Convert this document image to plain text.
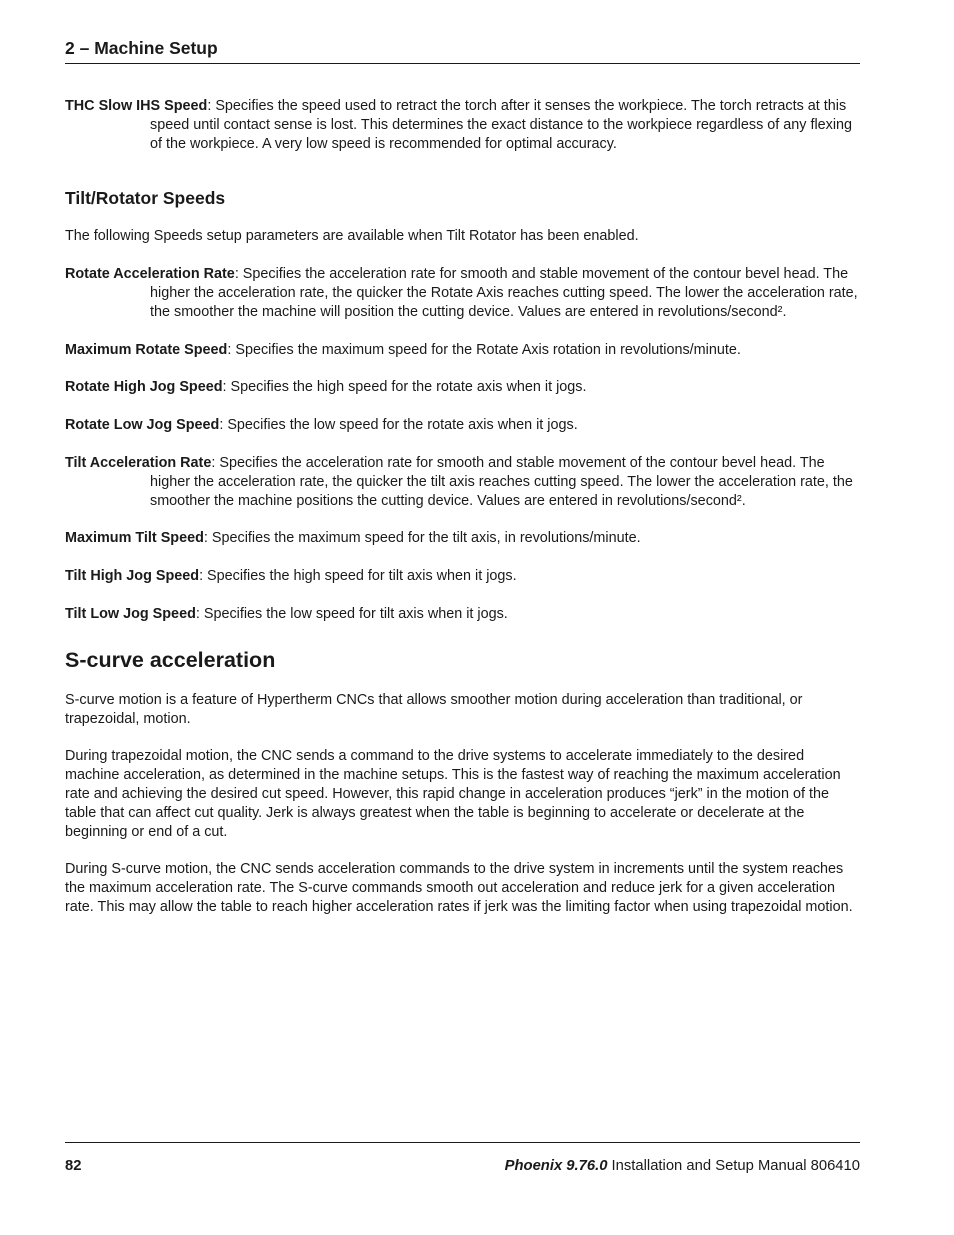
2 – Machine Setup

THC Slow IHS Speed: Specifies the speed used to retract the torch after it senses the workpiece. The torch retracts at this speed until contact sense is lost. This determines the exact distance to the workpiece regardless of any flexing of the workpiece. A very low speed is recommended for optimal accuracy.

Tilt/Rotator Speeds

The following Speeds setup parameters are available when Tilt Rotator has been enabled.

Rotate Acceleration Rate: Specifies the acceleration rate for smooth and stable movement of the contour bevel head. The higher the acceleration rate, the quicker the Rotate Axis reaches cutting speed. The lower the acceleration rate, the smoother the machine will position the cutting device. Values are entered in revolutions/second².

Maximum Rotate Speed: Specifies the maximum speed for the Rotate Axis rotation in revolutions/minute.

Rotate High Jog Speed: Specifies the high speed for the rotate axis when it jogs.

Rotate Low Jog Speed: Specifies the low speed for the rotate axis when it jogs.

Tilt Acceleration Rate: Specifies the acceleration rate for smooth and stable movement of the contour bevel head. The higher the acceleration rate, the quicker the tilt axis reaches cutting speed. The lower the acceleration rate, the smoother the machine positions the cutting device. Values are entered in revolutions/second².

Maximum Tilt Speed: Specifies the maximum speed for the tilt axis, in revolutions/minute.

Tilt High Jog Speed: Specifies the high speed for tilt axis when it jogs.

Tilt Low Jog Speed: Specifies the low speed for tilt axis when it jogs.

S-curve acceleration

S-curve motion is a feature of Hypertherm CNCs that allows smoother motion during acceleration than traditional, or trapezoidal, motion.

During trapezoidal motion, the CNC sends a command to the drive systems to accelerate immediately to the desired machine acceleration, as determined in the machine setups. This is the fastest way of reaching the maximum acceleration rate and achieving the desired cut speed. However, this rapid change in acceleration produces “jerk” in the motion of the table that can affect cut quality. Jerk is always greatest when the table is beginning to accelerate or decelerate at the beginning or end of a cut.

During S-curve motion, the CNC sends acceleration commands to the drive system in increments until the system reaches the maximum acceleration rate. The S-curve commands smooth out acceleration and reduce jerk for a given acceleration rate. This may allow the table to reach higher acceleration rates if jerk was the limiting factor when using trapezoidal motion.

82	Phoenix 9.76.0 Installation and Setup Manual 806410
